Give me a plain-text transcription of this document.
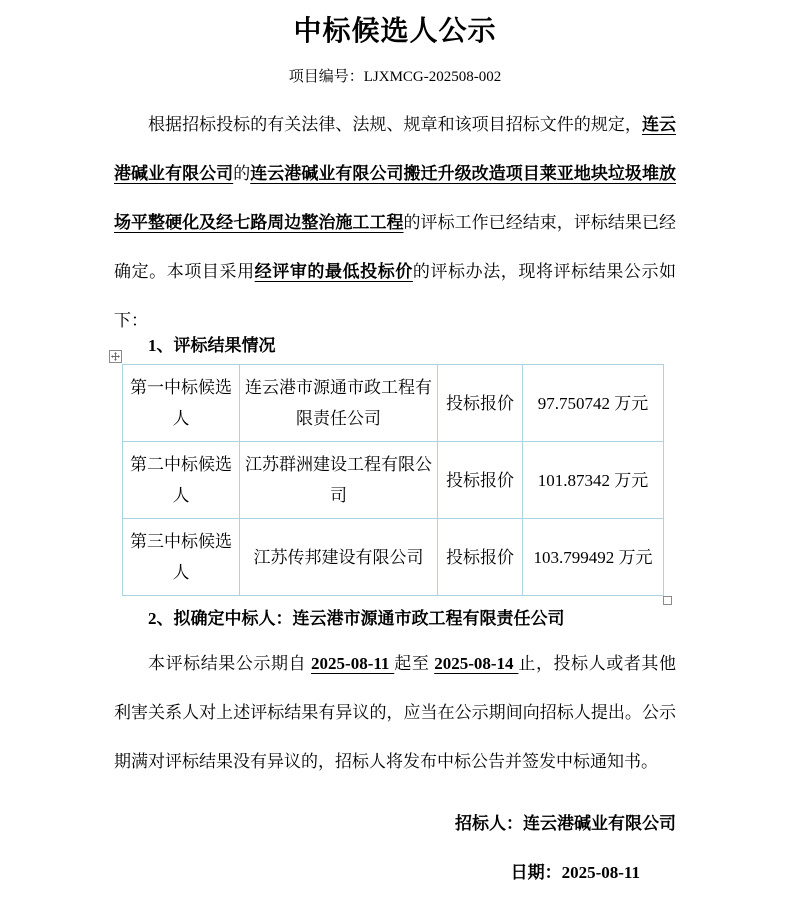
中标候选人公示
项目编号：LJXMCG-202508-002

根据招标投标的有关法律、法规、规章和该项目招标文件的规定，连云港碱业有限公司的连云港碱业有限公司搬迁升级改造项目莱亚地块垃圾堆放场平整硬化及经七路周边整治施工工程的评标工作已经结束，评标结果已经确定。本项目采用经评审的最低投标价的评标办法，现将评标结果公示如下：

1、评标结果情况
第一中标候选人	连云港市源通市政工程有限责任公司	投标报价	97.750742 万元
第二中标候选人	江苏群洲建设工程有限公司	投标报价	101.87342 万元
第三中标候选人	江苏传邦建设有限公司	投标报价	103.799492 万元
2、拟确定中标人：连云港市源通市政工程有限责任公司

本评标结果公示期自 2025-08-11 起至 2025-08-14 止，投标人或者其他利害关系人对上述评标结果有异议的，应当在公示期间向招标人提出。公示期满对评标结果没有异议的，招标人将发布中标公告并签发中标通知书。

招标人：连云港碱业有限公司
日期：2025-08-11
